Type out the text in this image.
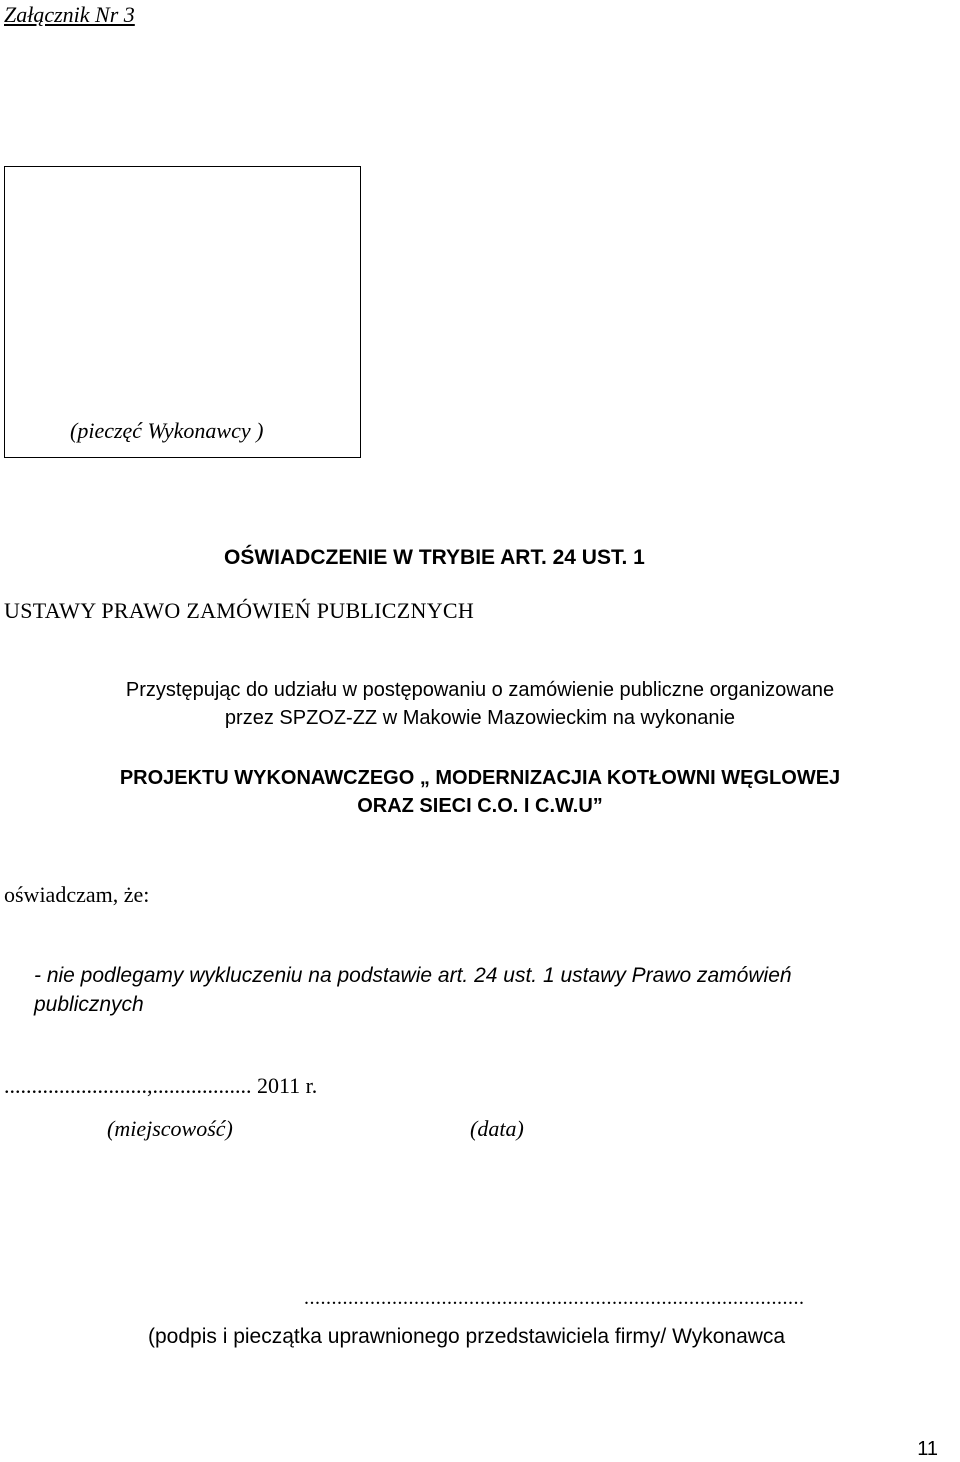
Załącznik Nr 3
(pieczęć Wykonawcy )
OŚWIADCZENIE W TRYBIE ART. 24 UST. 1
USTAWY PRAWO ZAMÓWIEŃ PUBLICZNYCH
Przystępując do udziału w postępowaniu o zamówienie publiczne organizowane
przez SPZOZ-ZZ w Makowie Mazowieckim na wykonanie
PROJEKTU WYKONAWCZEGO „ MODERNIZACJIA KOTŁOWNI WĘGLOWEJ
ORAZ SIECI C.O. I C.W.U”
oświadczam, że:
- nie podlegamy wykluczeniu na podstawie art. 24 ust. 1 ustawy Prawo zamówień
publicznych
..........................,.................. 2011 r.
(miejscowość)	(data)
...........................................................................................
(podpis i pieczątka uprawnionego przedstawiciela firmy/ Wykonawca
11
